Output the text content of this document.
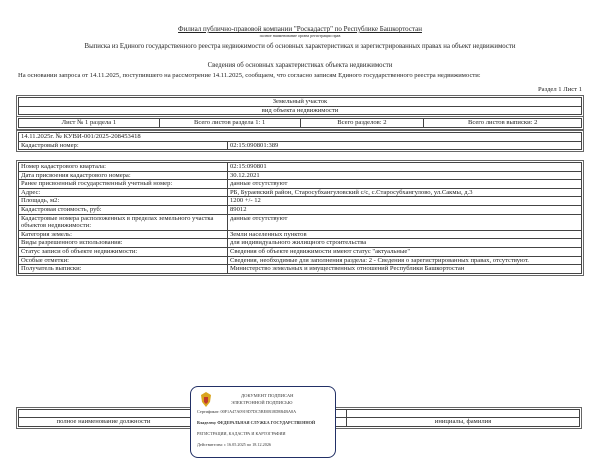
Филиал публично-правовой компании "Роскадастр" по Республике Башкортостан
полное наименование органа регистрации прав
Выписка из Единого государственного реестра недвижимости об основных характеристиках и зарегистрированных правах на объект недвижимости
Сведения об основных характеристиках объекта недвижимости
На основании запроса от 14.11.2025, поступившего на рассмотрение 14.11.2025, сообщаем, что согласно записям Единого государственного реестра недвижимости:
Раздел 1 Лист 1
Земельный участок
вид объекта недвижимости
Лист № 1 раздела 1	Всего листов раздела 1: 1	Всего разделов: 2	Всего листов выписки: 2
14.11.2025г. № КУВИ-001/2025-208453418
Кадастровый номер:	02:15:090801:389
Номер кадастрового квартала:	02:15:090801
Дата присвоения кадастрового номера:	30.12.2021
Ранее присвоенный государственный учетный номер:	данные отсутствуют
Адрес:	РБ, Бураевский район, Старосубхангуловский с/с, с.Старосубхангулово, ул.Сакмы, д.3
Площадь, м2:	1200 +/- 12
Кадастровая стоимость, руб:	89012
Кадастровые номера расположенных в пределах земельного участка объектов недвижимости:	данные отсутствуют
Категория земель:	Земли населенных пунктов
Виды разрешенного использования:	для индивидуального жилищного строительства
Статус записи об объекте недвижимости:	Сведения об объекте недвижимости имеют статус "актуальные"
Особые отметки:	Сведения, необходимые для заполнения раздела: 2 - Сведения о зарегистрированных правах, отсутствуют.
Получатель выписки:	Министерство земельных и имущественных отношений Республики Башкортостан

полное наименование должности	инициалы, фамилия
ДОКУМЕНТ ПОДПИСАН
ЭЛЕКТРОННОЙ ПОДПИСЬЮ
Сертификат: 00F1A47A0919D7DC5BE0B18D8B4BA8A
Владелец: ФЕДЕРАЛЬНАЯ СЛУЖБА ГОСУДАРСТВЕННОЙ
РЕГИСТРАЦИИ, КАДАСТРА И КАРТОГРАФИИ
Действителен: с 16.05.2025 по 18.12.2026
